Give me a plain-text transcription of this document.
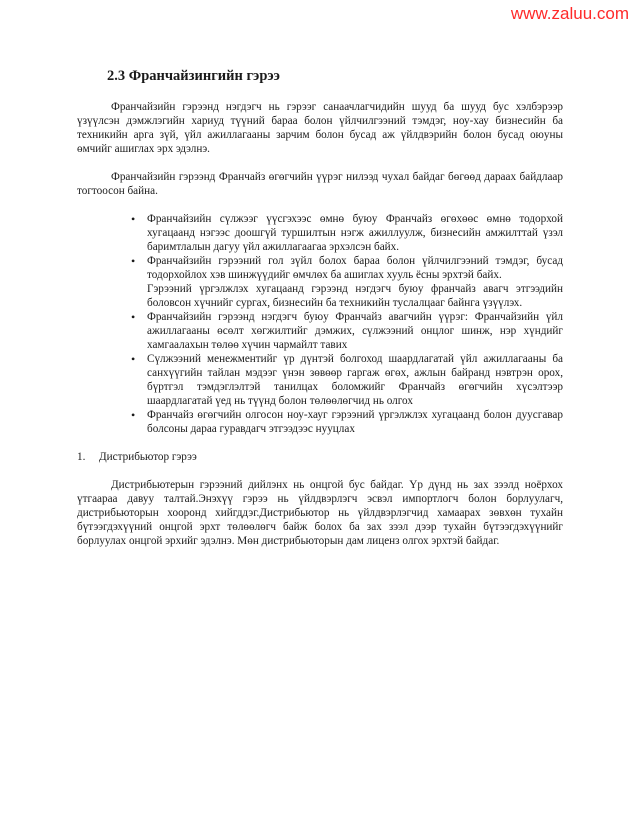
www.zaluu.com
2.3 Франчайзингийн гэрээ

Франчайзийн гэрээнд нэгдэгч нь гэрээг санаачлагчидийн шууд ба шууд бус хэлбэрээр үзүүлсэн дэмжлэгийн хариуд түүний бараа болон үйлчилгээний тэмдэг, ноу-хау бизнесийн ба техникийн арга зүй, үйл ажиллагааны зарчим болон бусад аж үйлдвэрийн болон бусад оюуны өмчийг ашиглах эрх эдэлнэ.

Франчайзийн гэрээнд Франчайз өгөгчийн үүрэг нилээд чухал байдаг бөгөөд дараах байдлаар тогтоосон байна.

• Франчайзийн сүлжээг үүсгэхээс өмнө буюу Франчайз өгөхөөс өмнө тодорхой хугацаанд нэгээс доошгүй туршилтын нэгж ажиллуулж, бизнесийн амжилттай үзэл баримтлалын дагуу үйл ажиллагаагаа эрхэлсэн байх.
• Франчайзийн гэрээний гол зүйл болох бараа болон үйлчилгээний тэмдэг, бусад тодорхойлох хэв шинжүүдийг өмчлөх ба ашиглах хууль ёсны эрхтэй байх.
Гэрээний үргэлжлэх хугацаанд гэрээнд нэгдэгч буюу франчайз авагч этгээдийн боловсон хүчнийг сургах, бизнесийн ба техникийн туслалцааг байнга үзүүлэх.
• Франчайзийн гэрээнд нэгдэгч буюу Франчайз авагчийн үүрэг: Франчайзийн үйл ажиллагааны өсөлт хөгжилтийг дэмжих, сүлжээний онцлог шинж, нэр хүндийг хамгаалахын төлөө хүчин чармайлт тавих
• Сүлжээний менежментийг үр дүнтэй болгоход шаардлагатай үйл ажиллагааны ба санхүүгийн тайлан мэдээг үнэн зөвөөр гаргаж өгөх, ажлын байранд нэвтрэн орох, бүртгэл тэмдэглэлтэй танилцах боломжийг Франчайз өгөгчийн хүсэлтээр шаардлагатай үед нь түүнд болон төлөөлөгчид нь олгох
• Франчайз өгөгчийн олгосон ноу-хауг гэрээний үргэлжлэх хугацаанд болон дуусгавар болсоны дараа гуравдагч этгээдээс нууцлах
1.	Дистрибьютор гэрээ

Дистрибьютерын гэрээний дийлэнх нь онцгой бус байдаг. Үр дүнд нь зах зээлд ноёрхох үтгаараа давуу талтай.Энэхүү гэрээ нь үйлдвэрлэгч эсвэл импортлогч болон борлуулагч, дистрибьюторын хооронд хийгддэг.Дистрибьютор нь үйлдвэрлэгчид хамаарах зөвхөн тухайн бүтээгдэхүүний онцгой эрхт төлөөлөгч байж болох ба зах зээл дээр тухайн бүтээгдэхүүнийг борлуулах онцгой эрхийг эдэлнэ. Мөн дистрибьюторын дам лиценз олгох эрхтэй байдаг.
